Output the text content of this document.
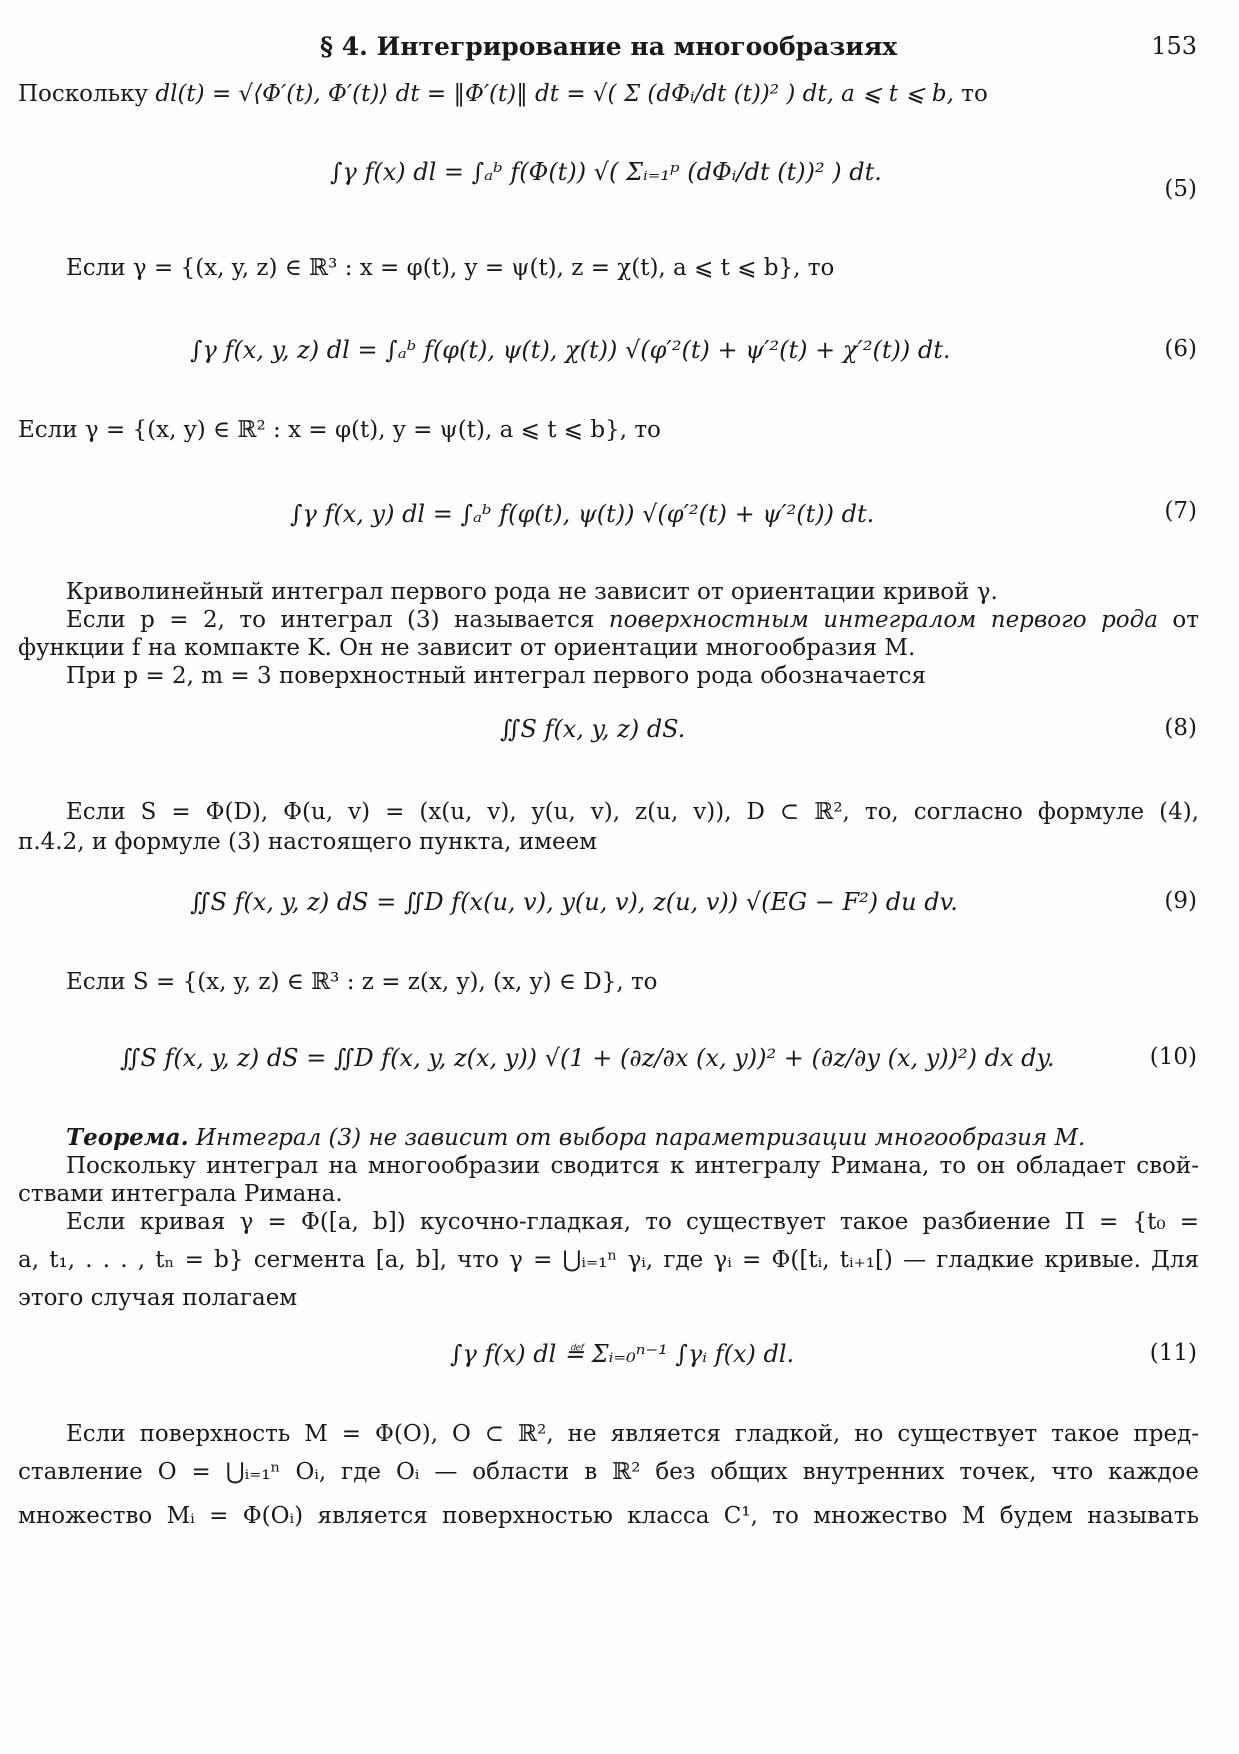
§ 4. Интегрирование на многообразиях	153
Поскольку dl(t) = √⟨Φ′(t), Φ′(t)⟩ dt = ‖Φ′(t)‖ dt = √( Σ (dΦᵢ/dt (t))² ) dt, a ⩽ t ⩽ b, то
∫γ f(x) dl = ∫ₐᵇ f(Φ(t)) √( Σᵢ₌₁ᵖ (dΦᵢ/dt (t))² ) dt.
(5)
Если γ = {(x, y, z) ∈ ℝ³ : x = φ(t), y = ψ(t), z = χ(t), a ⩽ t ⩽ b}, то
∫γ f(x, y, z) dl = ∫ₐᵇ f(φ(t), ψ(t), χ(t)) √(φ′²(t) + ψ′²(t) + χ′²(t)) dt.	(6)
Если γ = {(x, y) ∈ ℝ² : x = φ(t), y = ψ(t), a ⩽ t ⩽ b}, то
∫γ f(x, y) dl = ∫ₐᵇ f(φ(t), ψ(t)) √(φ′²(t) + ψ′²(t)) dt.	(7)
Криволинейный интеграл первого рода не зависит от ориентации кривой γ.
Если p = 2, то интеграл (3) называется поверхностным интегралом первого рода от
функции f на компакте K. Он не зависит от ориентации многообразия M.
При p = 2, m = 3 поверхностный интеграл первого рода обозначается
∬S f(x, y, z) dS.	(8)
Если S = Φ(D), Φ(u, v) = (x(u, v), y(u, v), z(u, v)), D ⊂ ℝ², то, согласно формуле (4),
п.4.2, и формуле (3) настоящего пункта, имеем
∬S f(x, y, z) dS = ∬D f(x(u, v), y(u, v), z(u, v)) √(EG − F²) du dv.	(9)
Если S = {(x, y, z) ∈ ℝ³ : z = z(x, y), (x, y) ∈ D}, то
∬S f(x, y, z) dS = ∬D f(x, y, z(x, y)) √(1 + (∂z/∂x (x, y))² + (∂z/∂y (x, y))²) dx dy.	(10)
Теорема. Интеграл (3) не зависит от выбора параметризации многообразия M.
Поскольку интеграл на многообразии сводится к интегралу Римана, то он обладает свой-
ствами интеграла Римана.
Если кривая γ = Φ([a, b]) кусочно-гладкая, то существует такое разбиение Π = {t₀ =
a, t₁, . . . , tₙ = b} сегмента [a, b], что γ = ⋃ᵢ₌₁ⁿ γᵢ, где γᵢ = Φ([tᵢ, tᵢ₊₁[) — гладкие кривые. Для
этого случая полагаем
∫γ f(x) dl ≝ Σᵢ₌₀ⁿ⁻¹ ∫γᵢ f(x) dl.	(11)
Если поверхность M = Φ(O), O ⊂ ℝ², не является гладкой, но существует такое пред-
ставление O = ⋃ᵢ₌₁ⁿ Oᵢ, где Oᵢ — области в ℝ² без общих внутренних точек, что каждое
множество Mᵢ = Φ(Oᵢ) является поверхностью класса C¹, то множество M будем называть
